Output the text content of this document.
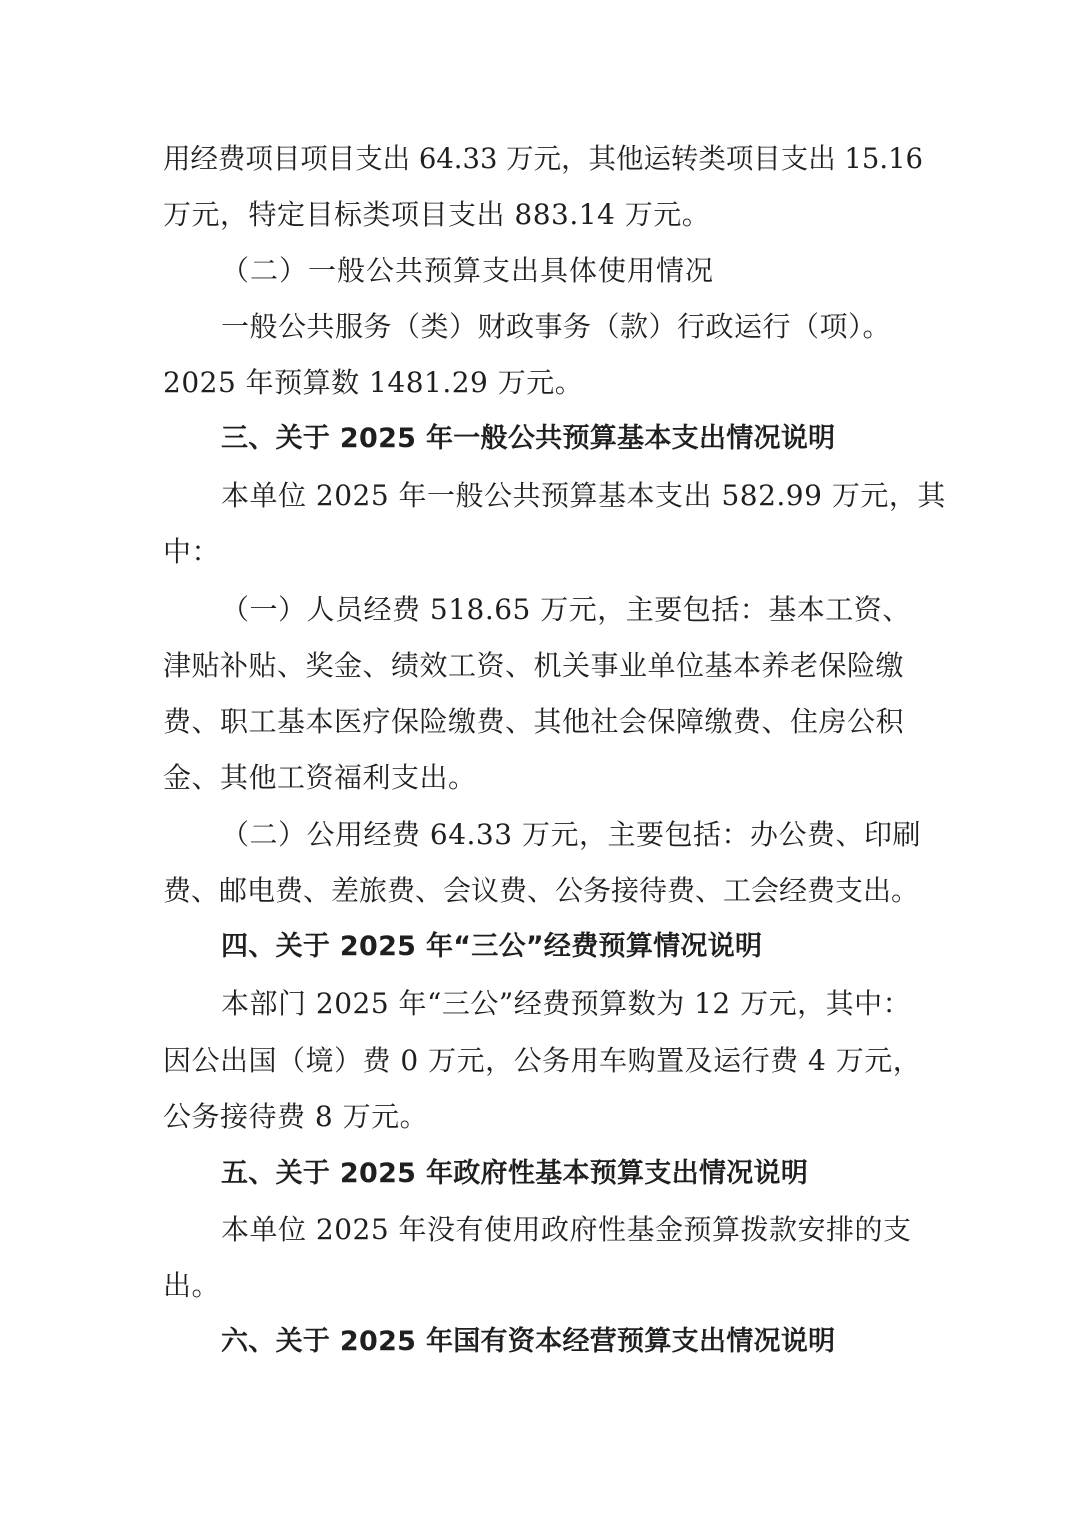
用经费项目项目支出 64.33 万元，其他运转类项目支出 15.16
万元，特定目标类项目支出 883.14 万元。
（二）一般公共预算支出具体使用情况
一般公共服务（类）财政事务（款）行政运行（项）。
2025 年预算数 1481.29 万元。
三、关于 2025 年一般公共预算基本支出情况说明
本单位 2025 年一般公共预算基本支出 582.99 万元，其
中：
（一）人员经费 518.65 万元，主要包括：基本工资、
津贴补贴、奖金、绩效工资、机关事业单位基本养老保险缴
费、职工基本医疗保险缴费、其他社会保障缴费、住房公积
金、其他工资福利支出。
（二）公用经费 64.33 万元，主要包括：办公费、印刷
费、邮电费、差旅费、会议费、公务接待费、工会经费支出。
四、关于 2025 年“三公”经费预算情况说明
本部门 2025 年“三公”经费预算数为 12 万元，其中：
因公出国（境）费 0 万元，公务用车购置及运行费 4 万元，
公务接待费 8 万元。
五、关于 2025 年政府性基本预算支出情况说明
本单位 2025 年没有使用政府性基金预算拨款安排的支
出。
六、关于 2025 年国有资本经营预算支出情况说明
